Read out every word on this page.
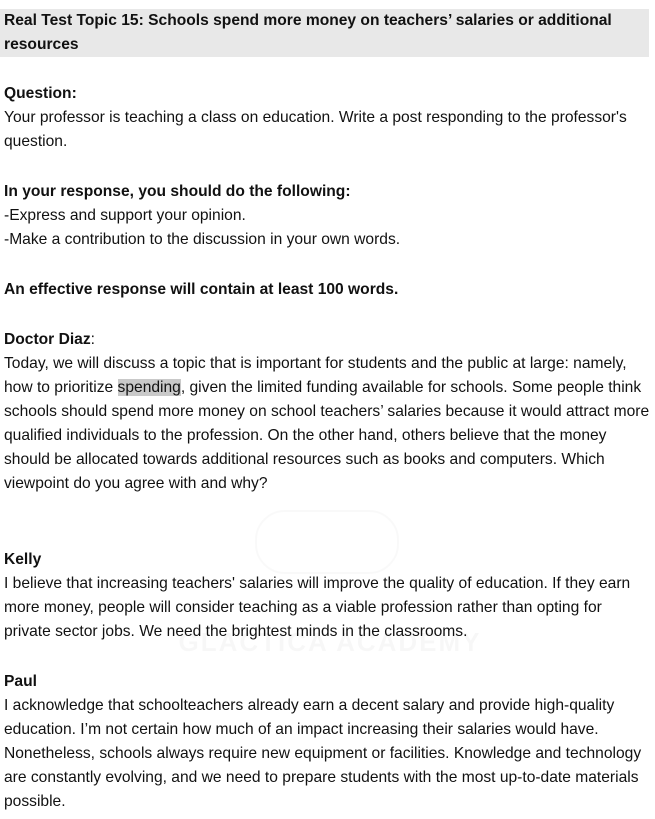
Real Test Topic 15: Schools spend more money on teachers’ salaries or additional resources
Question:
Your professor is teaching a class on education. Write a post responding to the professor's question.
In your response, you should do the following:
-Express and support your opinion.
-Make a contribution to the discussion in your own words.
An effective response will contain at least 100 words.
Doctor Diaz:
Today, we will discuss a topic that is important for students and the public at large: namely, how to prioritize spending, given the limited funding available for schools. Some people think schools should spend more money on school teachers’ salaries because it would attract more qualified individuals to the profession. On the other hand, others believe that the money should be allocated towards additional resources such as books and computers. Which viewpoint do you agree with and why?
Kelly
I believe that increasing teachers' salaries will improve the quality of education. If they earn more money, people will consider teaching as a viable profession rather than opting for private sector jobs. We need the brightest minds in the classrooms.
Paul
I acknowledge that schoolteachers already earn a decent salary and provide high-quality education. I’m not certain how much of an impact increasing their salaries would have. Nonetheless, schools always require new equipment or facilities. Knowledge and technology are constantly evolving, and we need to prepare students with the most up-to-date materials possible.
